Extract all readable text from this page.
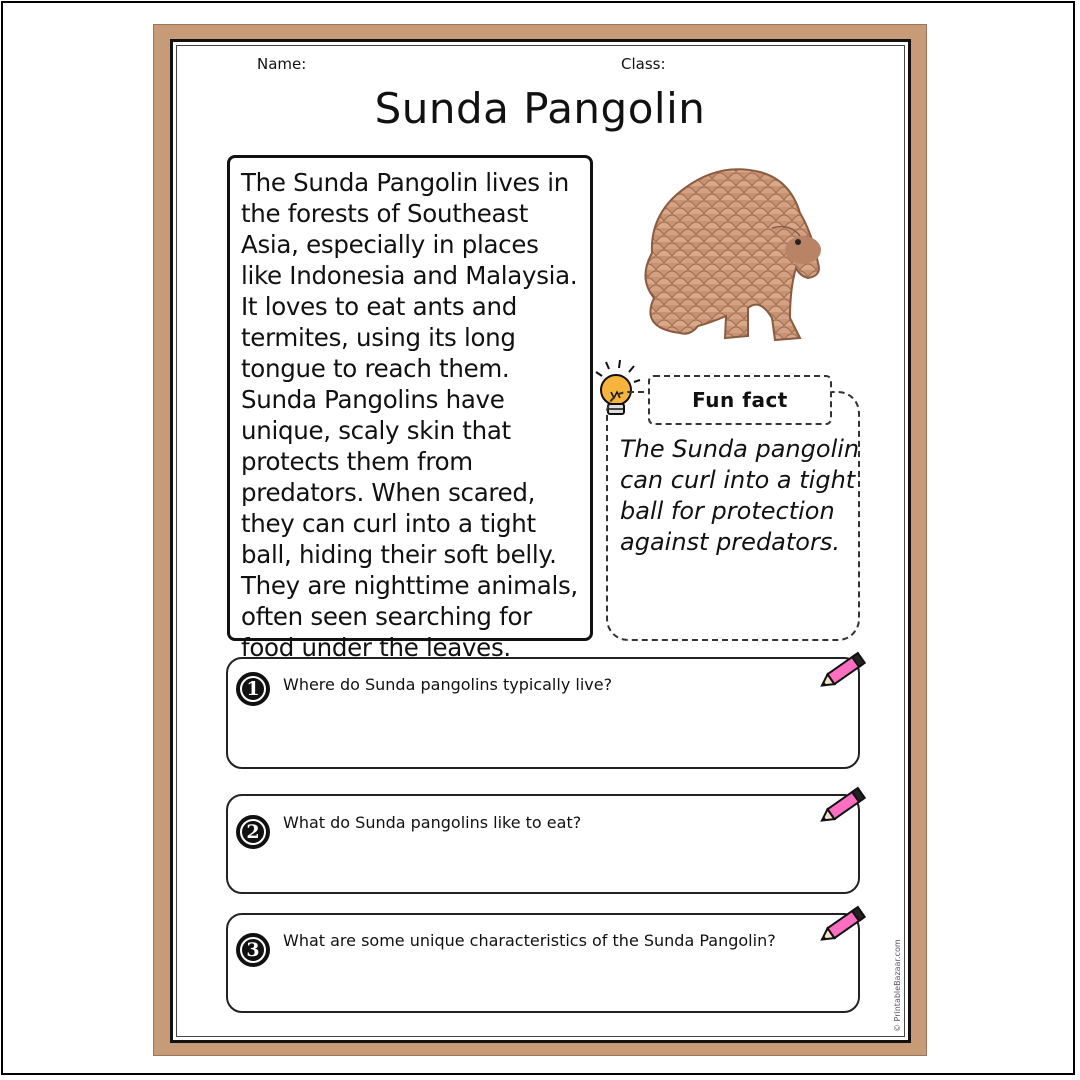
Name:	Class:
Sunda Pangolin

The Sunda Pangolin lives in the forests of Southeast Asia, especially in places like Indonesia and Malaysia. It loves to eat ants and termites, using its long tongue to reach them. Sunda Pangolins have unique, scaly skin that protects them from predators. When scared, they can curl into a tight ball, hiding their soft belly. They are nighttime animals, often seen searching for food under the leaves.

Fun fact

The Sunda pangolin can curl into a tight ball for protection against predators.

1	Where do Sunda pangolins typically live?
2	What do Sunda pangolins like to eat?
3	What are some unique characteristics of the Sunda Pangolin?	© PrintableBazaar.com
